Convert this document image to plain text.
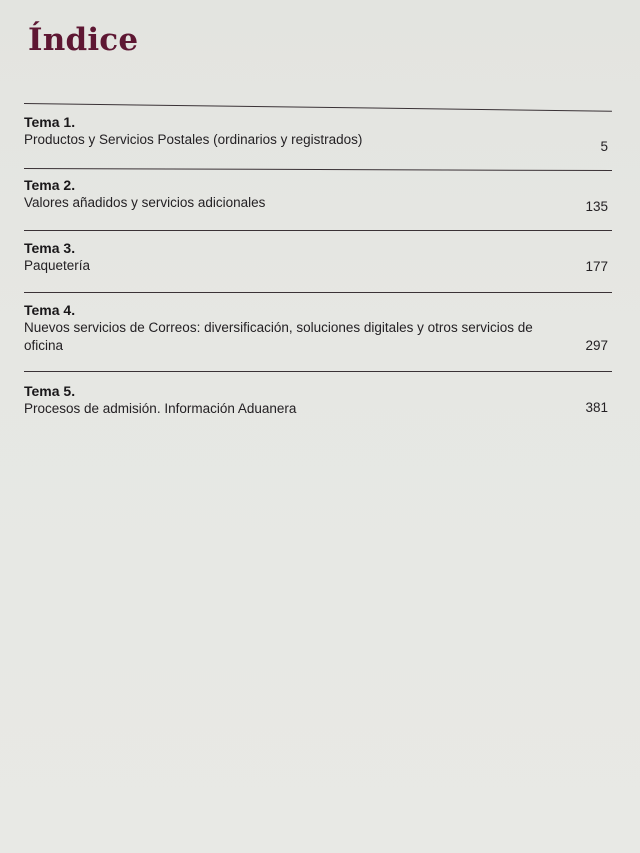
Índice
Tema 1.
Productos y Servicios Postales (ordinarios y registrados)	5
Tema 2.
Valores añadidos y servicios adicionales	135
Tema 3.
Paquetería	177
Tema 4.
Nuevos servicios de Correos: diversificación, soluciones digitales y otros servicios de oficina	297
Tema 5.
Procesos de admisión. Información Aduanera	381
